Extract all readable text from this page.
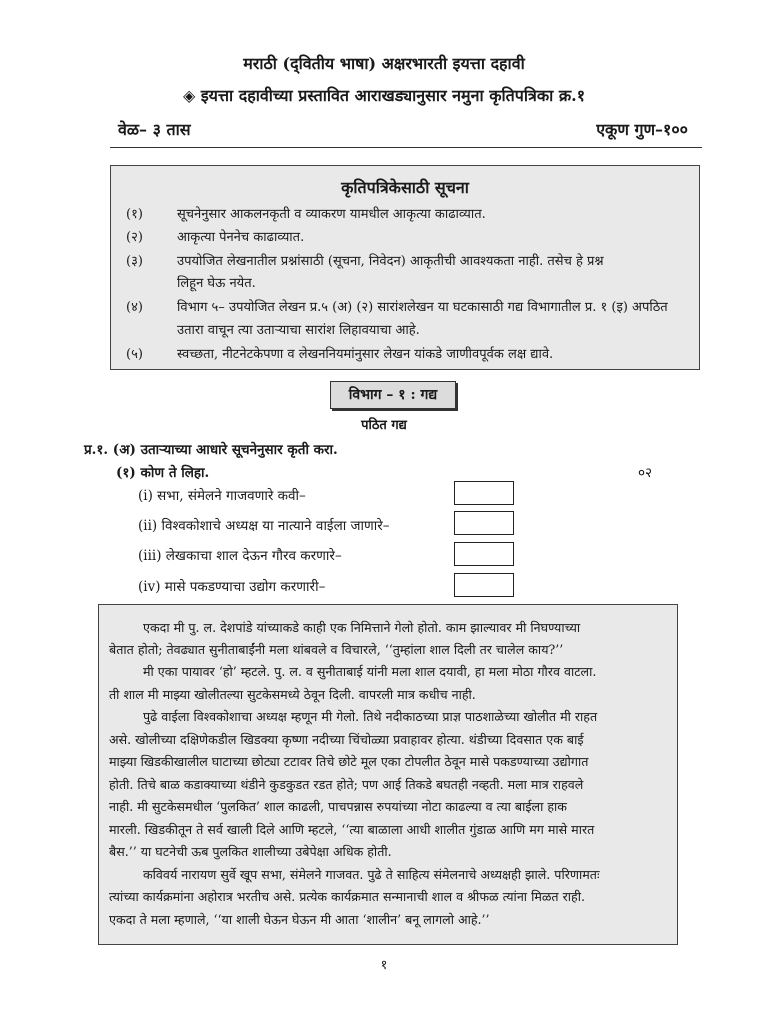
मराठी (द्‌वितीय भाषा) अक्षरभारती इयत्ता दहावी
◈ इयत्ता दहावीच्या प्रस्तावित आराखड्यानुसार नमुना कृतिपत्रिका क्र.१
वेळ– ३ तास	एकूण गुण–१००
कृतिपत्रिकेसाठी सूचना
(१)	सूचनेनुसार आकलनकृती व व्याकरण यामधील आकृत्या काढाव्यात.
(२)	आकृत्या पेननेच काढाव्यात.
(३)	उपयोजित लेखनातील प्रश्नांसाठी (सूचना, निवेदन) आकृतीची आवश्यकता नाही. तसेच हे प्रश्न
लिहून घेऊ नयेत.
(४)	विभाग ५– उपयोजित लेखन प्र.५ (अ) (२) सारांशलेखन या घटकासाठी गद्य विभागातील प्र. १ (इ) अपठित
उतारा वाचून त्या उताऱ्याचा सारांश लिहावयाचा आहे.
(५)	स्वच्छता, नीटनेटकेपणा व लेखननियमांनुसार लेखन यांकडे जाणीवपूर्वक लक्ष द्यावे.
विभाग – १ : गद्य
पठित गद्य
प्र.१. (अ) उताऱ्याच्या आधारे सूचनेनुसार कृती करा.
(१) कोण ते लिहा.	०२
(i) सभा, संमेलने गाजवणारे कवी–
(ii) विश्वकोशाचे अध्यक्ष या नात्याने वाईला जाणारे–
(iii) लेखकाचा शाल देऊन गौरव करणारे–
(iv) मासे पकडण्याचा उद्योग करणारी–
एकदा मी पु. ल. देशपांडे यांच्याकडे काही एक निमित्ताने गेलो होतो. काम झाल्यावर मी निघण्याच्या
बेतात होतो; तेवढ्यात सुनीताबाईंनी मला थांबवले व विचारले, ‘‘तुम्हांला शाल दिली तर चालेल काय?’’
मी एका पायावर ‘हो’ म्हटले. पु. ल. व सुनीताबाई यांनी मला शाल दयावी, हा मला मोठा गौरव वाटला.
ती शाल मी माझ्या खोलीतल्या सुटकेसमध्ये ठेवून दिली. वापरली मात्र कधीच नाही.
पुढे वाईला विश्वकोशाचा अध्यक्ष म्हणून मी गेलो. तिथे नदीकाठच्या प्राज्ञ पाठशाळेच्या खोलीत मी राहत
असे. खोलीच्या दक्षिणेकडील खिडक्या कृष्णा नदीच्या चिंचोळ्या प्रवाहावर होत्या. थंडीच्या दिवसात एक बाई
माझ्या खिडकीखालील घाटाच्या छोट्या टटावर तिचे छोटे मूल एका टोपलीत ठेवून मासे पकडण्याच्या उद्योगात
होती. तिचे बाळ कडाक्याच्या थंडीने कुडकुडत रडत होते; पण आई तिकडे बघतही नव्हती. मला मात्र राहवले
नाही. मी सुटकेसमधील ‘पुलकित’ शाल काढली, पाचपन्नास रुपयांच्या नोटा काढल्या व त्या बाईला हाक
मारली. खिडकीतून ते सर्व खाली दिले आणि म्हटले, ‘‘त्या बाळाला आधी शालीत गुंडाळ आणि मग मासे मारत
बैस.’’ या घटनेची ऊब पुलकित शालीच्या उबेपेक्षा अधिक होती.
कविवर्य नारायण सुर्वे खूप सभा, संमेलने गाजवत. पुढे ते साहित्य संमेलनाचे अध्यक्षही झाले. परिणामतः
त्यांच्या कार्यक्रमांना अहोरात्र भरतीच असे. प्रत्येक कार्यक्रमात सन्मानाची शाल व श्रीफळ त्यांना मिळत राही.
एकदा ते मला म्हणाले, ‘‘या शाली घेऊन घेऊन मी आता ‘शालीन’ बनू लागलो आहे.’’
१
